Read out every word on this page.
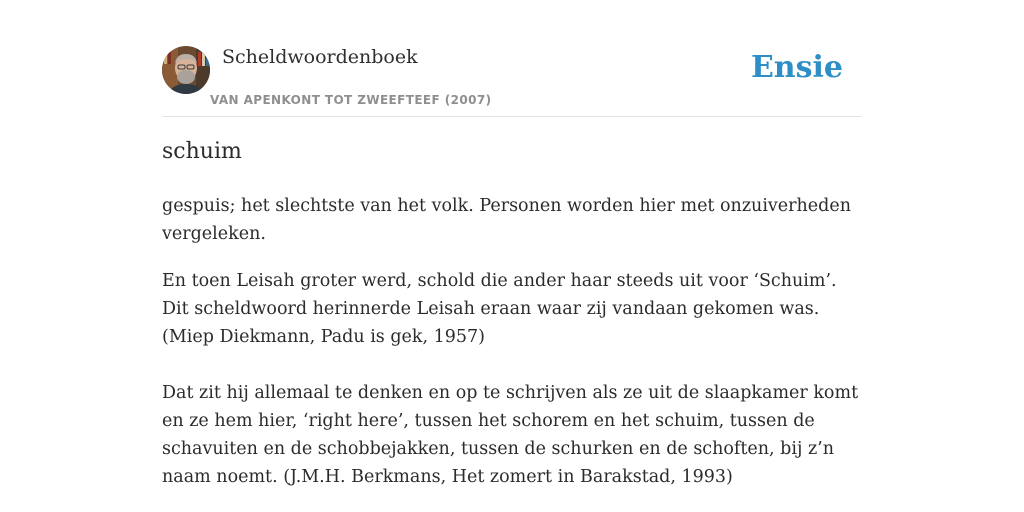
Scheldwoordenboek
VAN APENKONT TOT ZWEEFTEEF (2007)
Ensie
schuim

gespuis; het slechtste van het volk. Personen worden hier met onzuiverheden vergeleken.

En toen Leisah groter werd, schold die ander haar steeds uit voor ‘Schuim’. Dit scheldwoord herinnerde Leisah eraan waar zij vandaan gekomen was. (Miep Diekmann, Padu is gek, 1957)

Dat zit hij allemaal te denken en op te schrijven als ze uit de slaapkamer komt en ze hem hier, ‘right here’, tussen het schorem en het schuim, tussen de schavuiten en de schobbejakken, tussen de schurken en de schoften, bij z’n naam noemt. (J.M.H. Berkmans, Het zomert in Barakstad, 1993)
